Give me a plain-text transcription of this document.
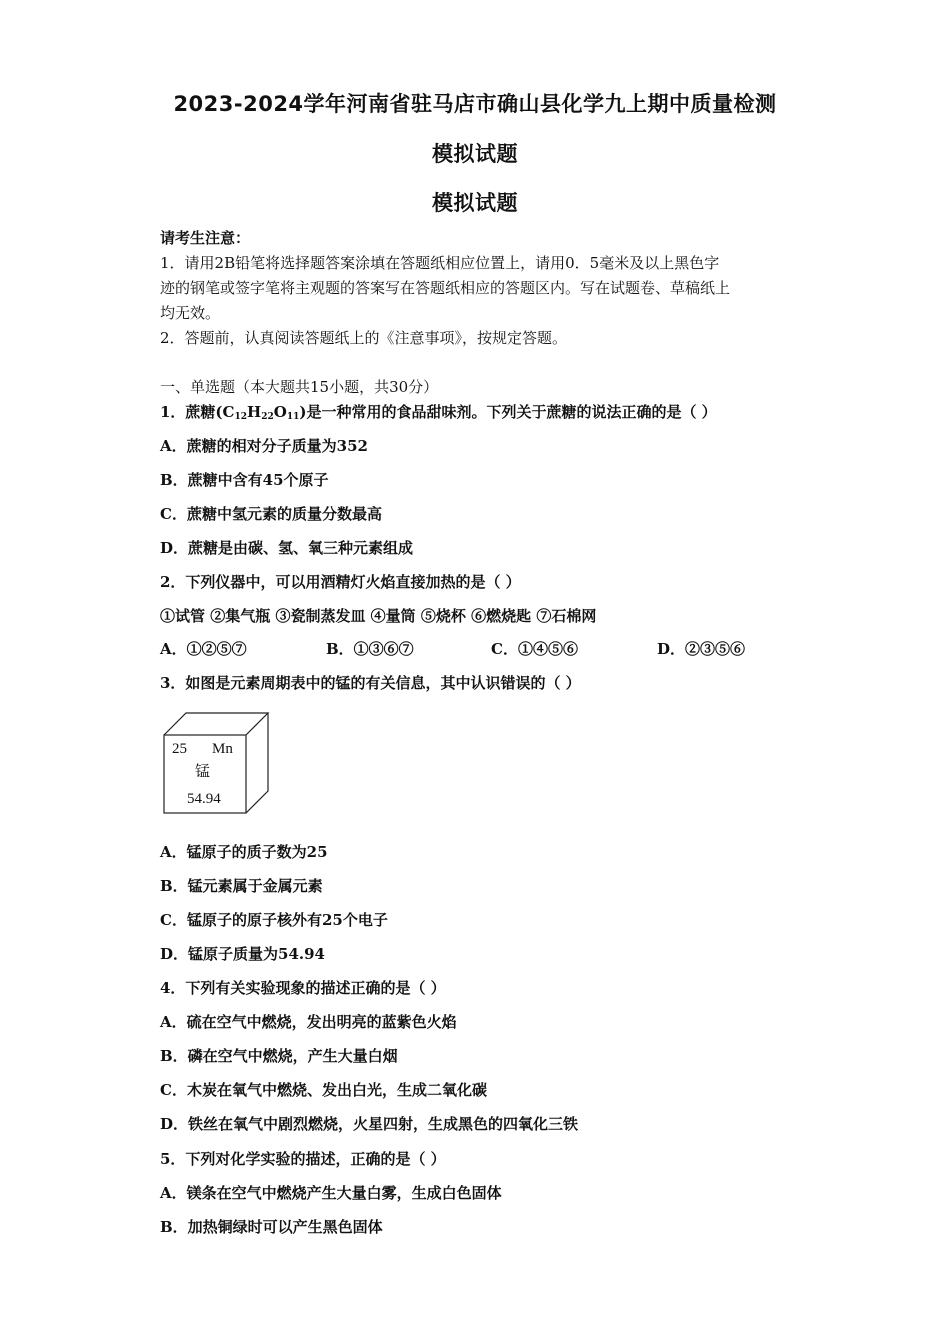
2023-2024学年河南省驻马店市确山县化学九上期中质量检测
模拟试题
模拟试题
请考生注意：
1．请用2B铅笔将选择题答案涂填在答题纸相应位置上，请用0．5毫米及以上黑色字
迹的钢笔或签字笔将主观题的答案写在答题纸相应的答题区内。写在试题卷、草稿纸上
均无效。
2．答题前，认真阅读答题纸上的《注意事项》，按规定答题。
一、单选题（本大题共15小题，共30分）
1．蔗糖$(C_{12}H_{22}O_{11})$是一种常用的食品甜味剂。下列关于蔗糖的说法正确的是（ ）
A．蔗糖的相对分子质量为352
B．蔗糖中含有45个原子
C．蔗糖中氢元素的质量分数最高
D．蔗糖是由碳、氢、氧三种元素组成
2．下列仪器中，可以用酒精灯火焰直接加热的是（ ）
①试管 ②集气瓶 ③瓷制蒸发皿 ④量筒 ⑤烧杯 ⑥燃烧匙 ⑦石棉网
A．①②⑤⑦	B．①③⑥⑦	C．①④⑤⑥	D．②③⑤⑥
3．如图是元素周期表中的锰的有关信息，其中认识错误的（ ）
25 Mn
锰
54.94
A．锰原子的质子数为25
B．锰元素属于金属元素
C．锰原子的原子核外有25个电子
D．锰原子质量为54.94
4．下列有关实验现象的描述正确的是（ ）
A．硫在空气中燃烧，发出明亮的蓝紫色火焰
B．磷在空气中燃烧，产生大量白烟
C．木炭在氧气中燃烧、发出白光，生成二氧化碳
D．铁丝在氧气中剧烈燃烧，火星四射，生成黑色的四氧化三铁
5．下列对化学实验的描述，正确的是（ ）
A．镁条在空气中燃烧产生大量白雾，生成白色固体
B．加热铜绿时可以产生黑色固体
